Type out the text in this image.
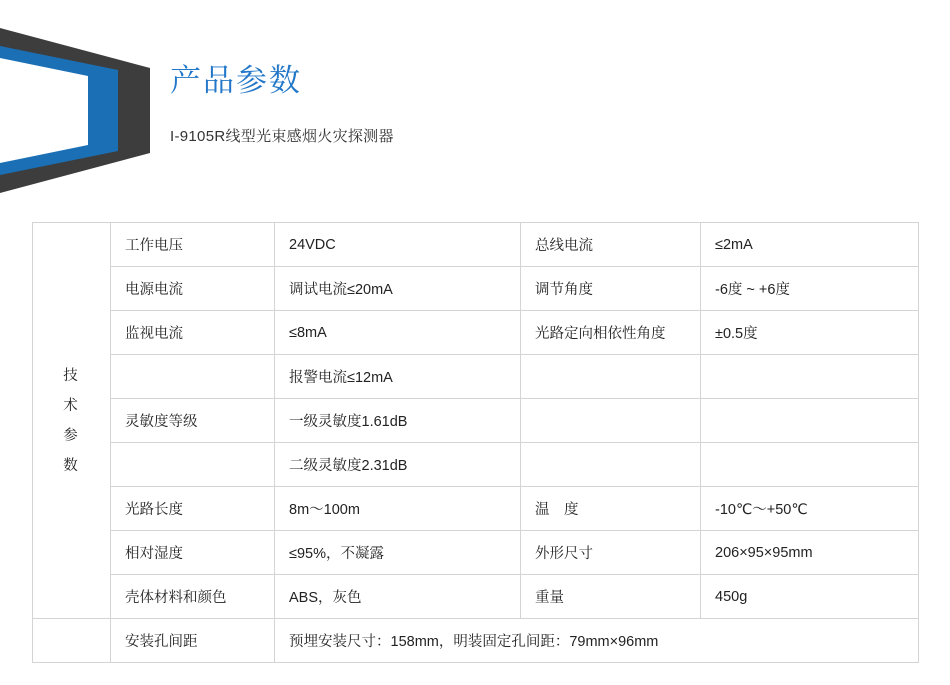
产品参数
I-9105R线型光束感烟火灾探测器
技
术
参
数	工作电压	24VDC	总线电流	≤2mA
	电源电流	调试电流≤20mA	调节角度	-6度 ~ +6度
	监视电流	≤8mA	光路定向相依性角度	±0.5度
		报警电流≤12mA		
	灵敏度等级	一级灵敏度1.61dB		
		二级灵敏度2.31dB		
	光路长度	8m～100m	温　度	-10℃～+50℃
	相对湿度	≤95%，不凝露	外形尺寸	206×95×95mm
	壳体材料和颜色	ABS，灰色	重量	450g
	安装孔间距	预埋安装尺寸：158mm，明装固定孔间距：79mm×96mm		
